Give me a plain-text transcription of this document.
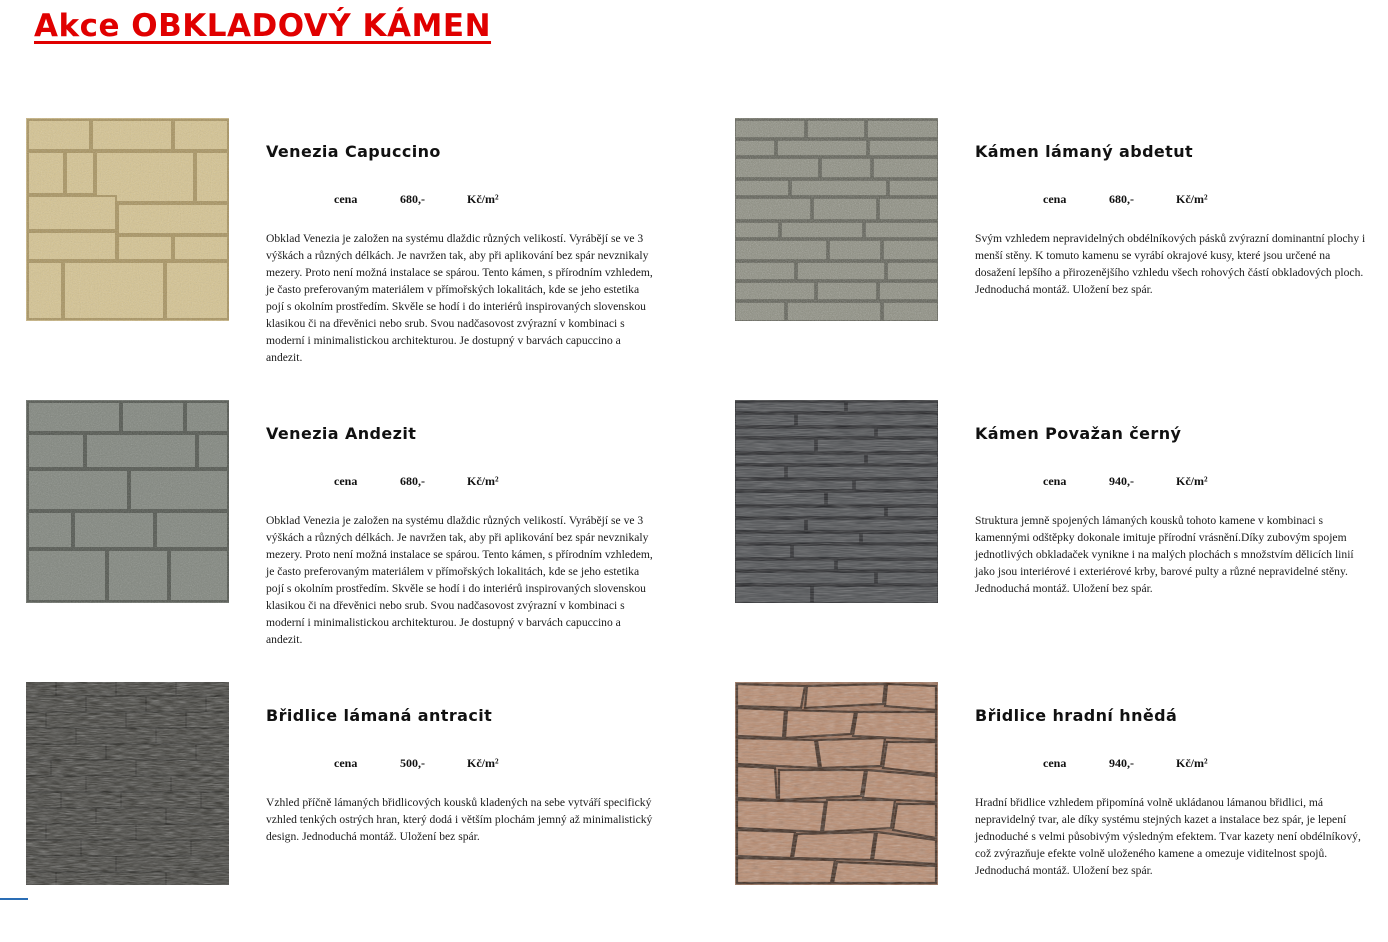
Akce OBKLADOVÝ KÁMEN
Venezia Capuccino
cena	680,-	Kč/m²
Obklad Venezia je založen na systému dlaždic různých velikostí. Vyrábějí se ve 3 výškách a různých délkách. Je navržen tak, aby při aplikování bez spár nevznikaly mezery. Proto není možná instalace se spárou. Tento kámen, s přírodním vzhledem, je často preferovaným materiálem v přímořských lokalitách, kde se jeho estetika pojí s okolním prostředím. Skvěle se hodí i do interiérů inspirovaných slovenskou klasikou či na dřevěnici nebo srub. Svou nadčasovost zvýrazní v kombinaci s moderní i minimalistickou architekturou. Je dostupný v barvách capuccino a andezit.
Kámen lámaný abdetut
cena	680,-	Kč/m²
Svým vzhledem nepravidelných obdélníkových pásků zvýrazní dominantní plochy i menší stěny. K tomuto kamenu se vyrábí okrajové kusy, které jsou určené na dosažení lepšího a přirozenějšího vzhledu všech rohových částí obkladových ploch. Jednoduchá montáž. Uložení bez spár.
Venezia Andezit
cena	680,-	Kč/m²
Obklad Venezia je založen na systému dlaždic různých velikostí. Vyrábějí se ve 3 výškách a různých délkách. Je navržen tak, aby při aplikování bez spár nevznikaly mezery. Proto není možná instalace se spárou. Tento kámen, s přírodním vzhledem, je často preferovaným materiálem v přímořských lokalitách, kde se jeho estetika pojí s okolním prostředím. Skvěle se hodí i do interiérů inspirovaných slovenskou klasikou či na dřevěnici nebo srub. Svou nadčasovost zvýrazní v kombinaci s moderní i minimalistickou architekturou. Je dostupný v barvách capuccino a andezit.
Kámen Považan černý
cena	940,-	Kč/m²
Struktura jemně spojených lámaných kousků tohoto kamene v kombinaci s kamennými odštěpky dokonale imituje přírodní vrásnění.Díky zubovým spojem jednotlivých obkladaček vynikne i na malých plochách s množstvím dělicích linií jako jsou interiérové i exteriérové krby, barové pulty a různé nepravidelné stěny. Jednoduchá montáž. Uložení bez spár.
Břidlice lámaná antracit
cena	500,-	Kč/m²
Vzhled příčně lámaných břidlicových kousků kladených na sebe vytváří specifický vzhled tenkých ostrých hran, který dodá i větším plochám jemný až minimalistický design. Jednoduchá montáž. Uložení bez spár.
Břidlice hradní hnědá
cena	940,-	Kč/m²
Hradní břidlice vzhledem připomíná volně ukládanou lámanou břidlici, má nepravidelný tvar, ale díky systému stejných kazet a instalace bez spár, je lepení jednoduché s velmi působivým výsledným efektem. Tvar kazety není obdélníkový, což zvýrazňuje efekte volně uloženého kamene a omezuje viditelnost spojů. Jednoduchá montáž. Uložení bez spár.
